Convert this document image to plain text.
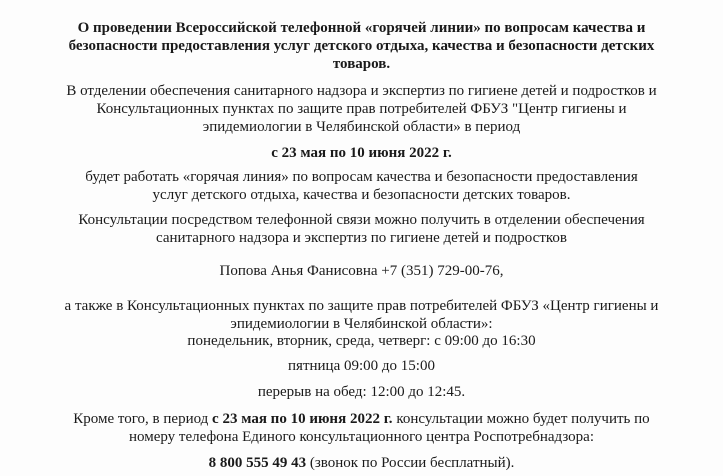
О проведении Всероссийской телефонной «горячей линии» по вопросам качества и
безопасности предоставления услуг детского отдыха, качества и безопасности детских
товаров.
В отделении обеспечения санитарного надзора и экспертиз по гигиене детей и подростков и
Консультационных пунктах по защите прав потребителей ФБУЗ "Центр гигиены и
эпидемиологии в Челябинской области» в период
с 23 мая по 10 июня 2022 г.
будет работать «горячая линия» по вопросам качества и безопасности предоставления
услуг детского отдыха, качества и безопасности детских товаров.
Консультации посредством телефонной связи можно получить в отделении обеспечения
санитарного надзора и экспертиз по гигиене детей и подростков
Попова Анья Фанисовна +7 (351) 729-00-76,
а также в Консультационных пунктах по защите прав потребителей ФБУЗ «Центр гигиены и
эпидемиологии в Челябинской области»:
понедельник, вторник, среда, четверг: с 09:00 до 16:30
пятница 09:00 до 15:00
перерыв на обед: 12:00 до 12:45.
Кроме того, в период с 23 мая по 10 июня 2022 г. консультации можно будет получить по
номеру телефона Единого консультационного центра Роспотребнадзора:
8 800 555 49 43 (звонок по России бесплатный).
